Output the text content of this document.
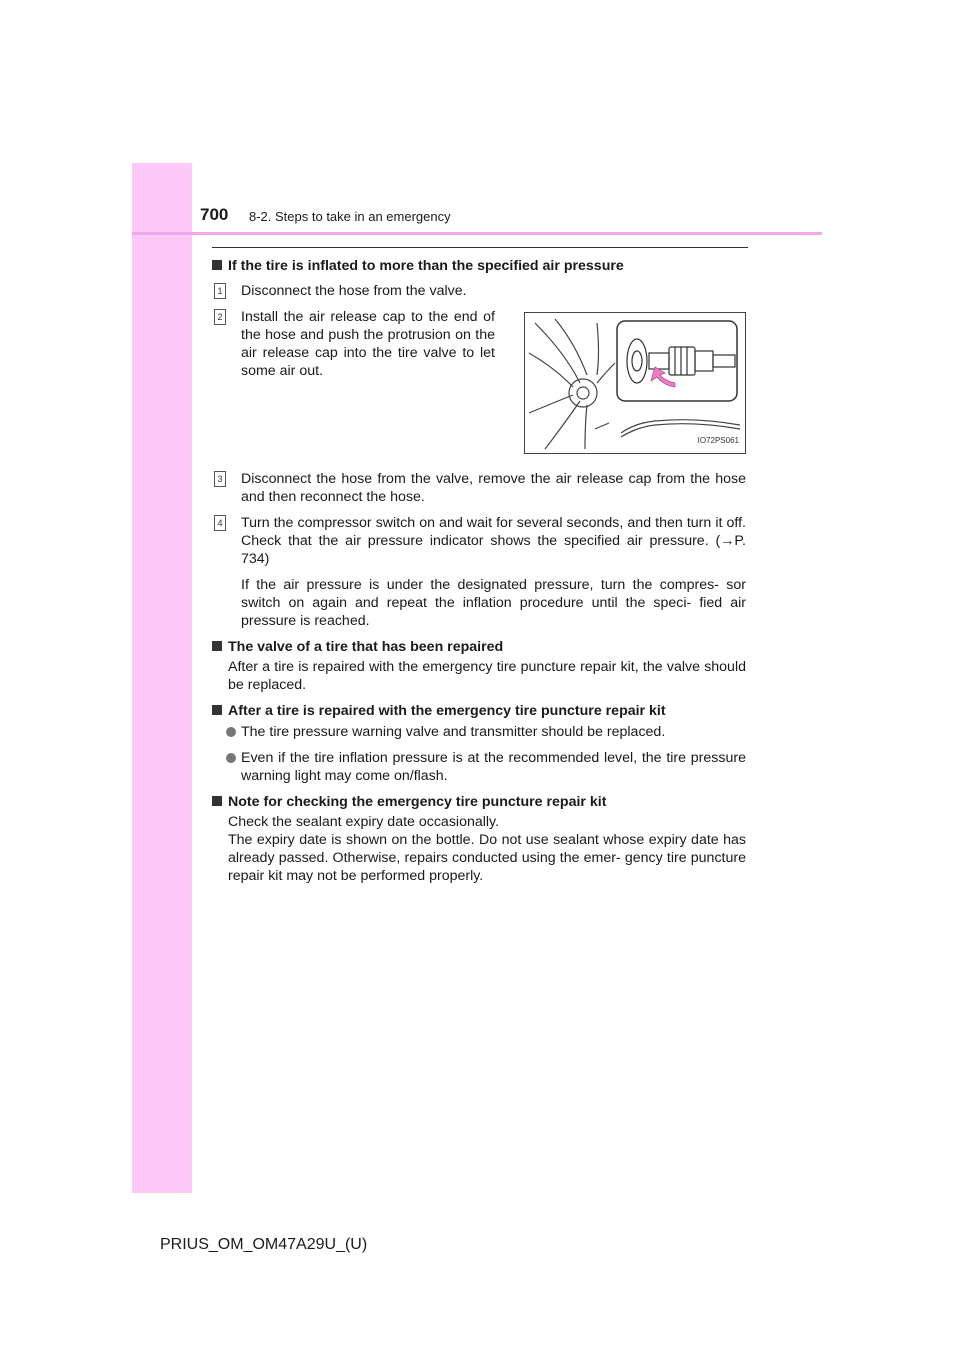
700 8-2. Steps to take in an emergency
If the tire is inflated to more than the specified air pressure
1 Disconnect the hose from the valve.
2 Install the air release cap to the end of the hose and push the protrusion on the air release cap into the tire valve to let some air out.
IO72PS061
3 Disconnect the hose from the valve, remove the air release cap from the hose and then reconnect the hose.
4 Turn the compressor switch on and wait for several seconds, and then turn it off. Check that the air pressure indicator shows the specified air pressure. (→P. 734)
If the air pressure is under the designated pressure, turn the compres- sor switch on again and repeat the inflation procedure until the speci- fied air pressure is reached.
The valve of a tire that has been repaired
After a tire is repaired with the emergency tire puncture repair kit, the valve should be replaced.
After a tire is repaired with the emergency tire puncture repair kit
The tire pressure warning valve and transmitter should be replaced.
Even if the tire inflation pressure is at the recommended level, the tire pressure warning light may come on/flash.
Note for checking the emergency tire puncture repair kit
Check the sealant expiry date occasionally.
The expiry date is shown on the bottle. Do not use sealant whose expiry date has already passed. Otherwise, repairs conducted using the emer- gency tire puncture repair kit may not be performed properly.
PRIUS_OM_OM47A29U_(U)
